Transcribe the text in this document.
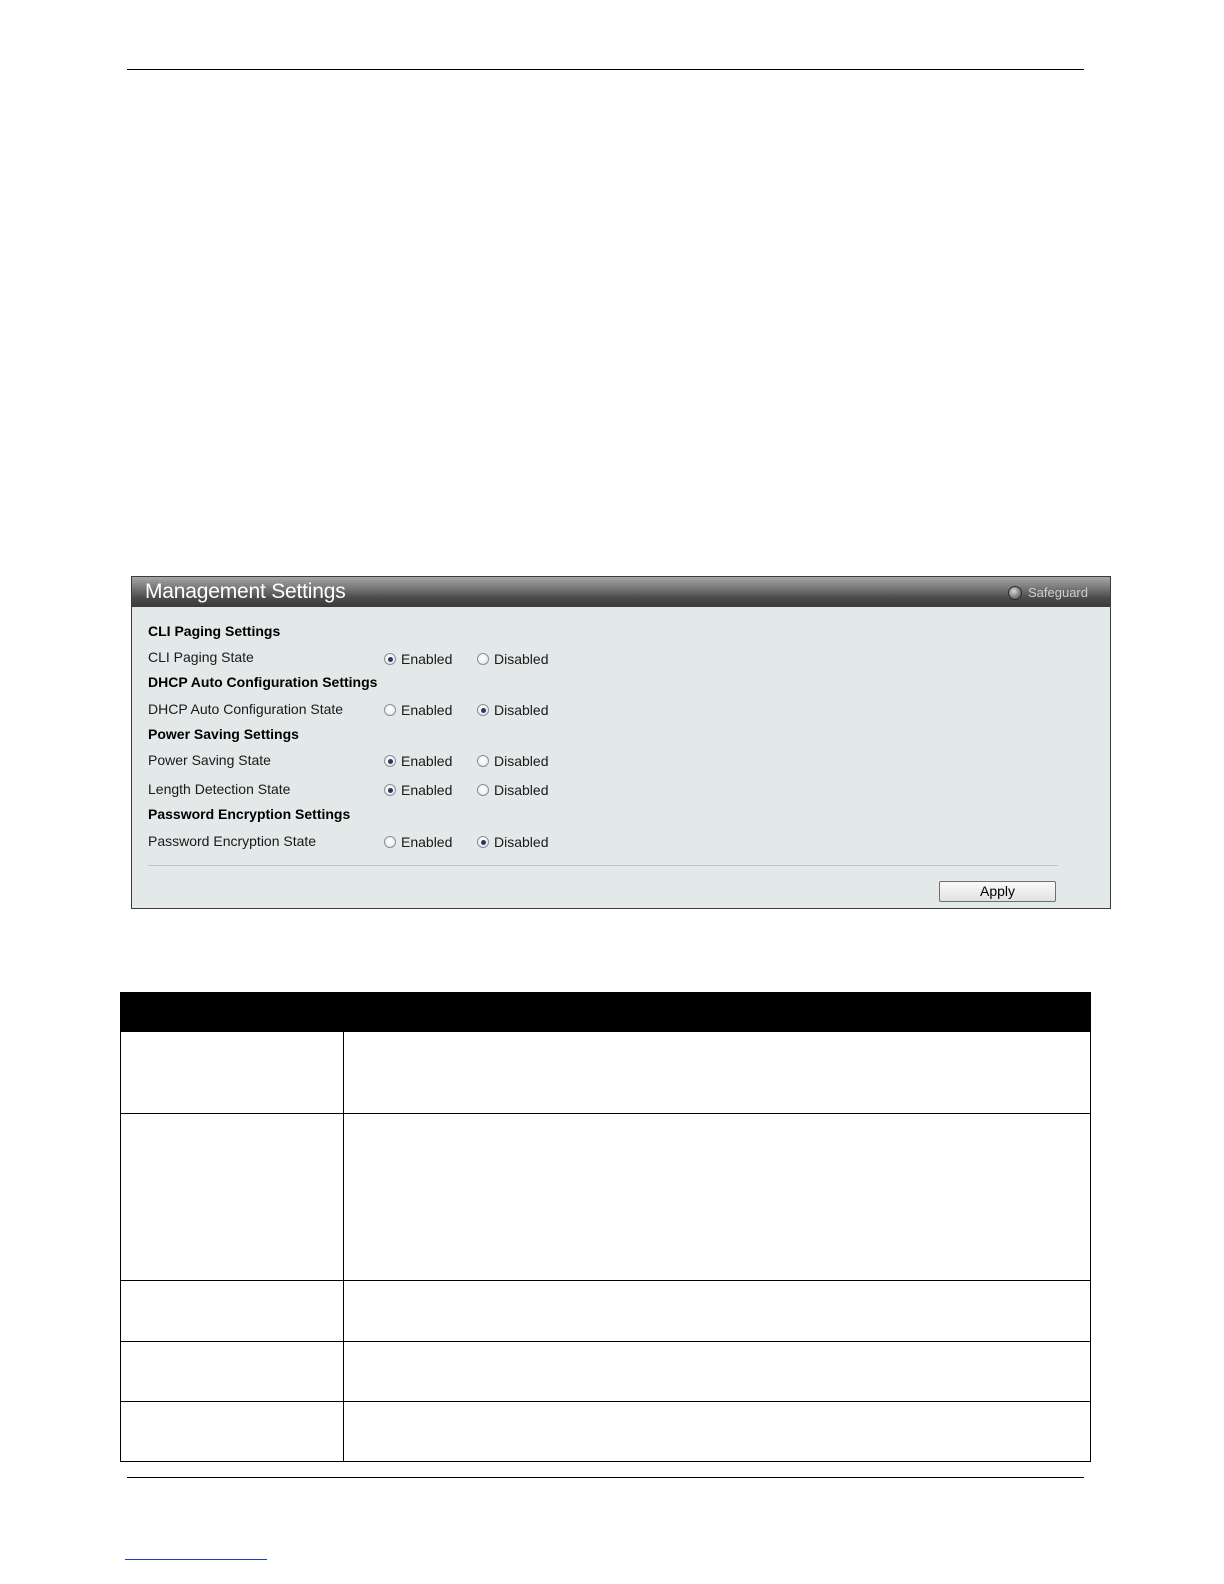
Management Settings	Safeguard
CLI Paging Settings
CLI Paging State	Enabled	Disabled
DHCP Auto Configuration Settings
DHCP Auto Configuration State	Enabled	Disabled
Power Saving Settings
Power Saving State	Enabled	Disabled
Length Detection State	Enabled	Disabled
Password Encryption Settings
Password Encryption State	Enabled	Disabled
Apply
